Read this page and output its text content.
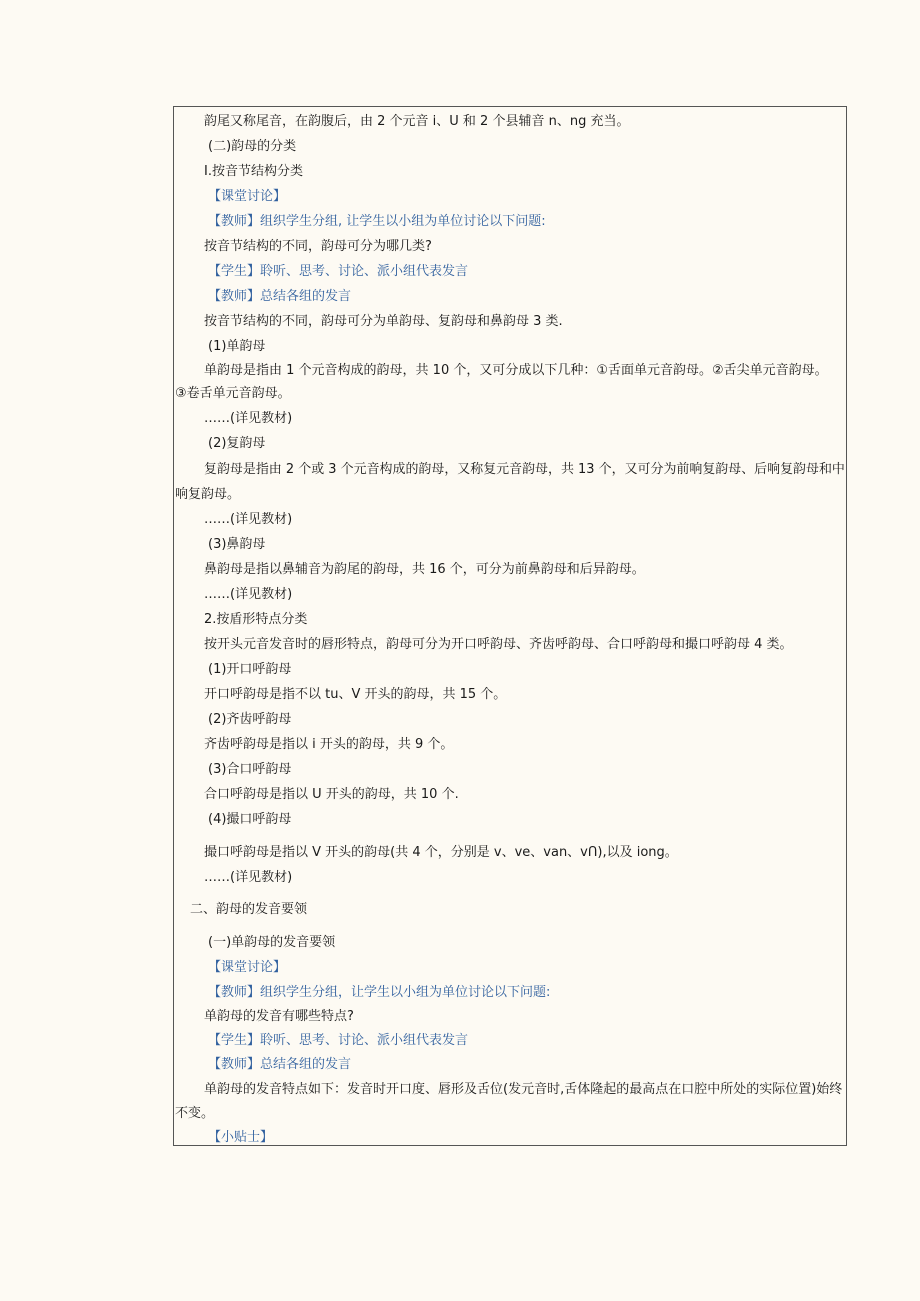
韵尾又称尾音，在韵腹后，由 2 个元音 i、U 和 2 个县辅音 n、ng 充当。
(二)韵母的分类
I.按音节结构分类
【课堂讨论】
【教师】组织学生分组, 让学生以小组为单位讨论以下问题:
按音节结构的不同，韵母可分为哪几类?
【学生】聆听、思考、讨论、派小组代表发言
【教师】总结各组的发言
按音节结构的不同，韵母可分为单韵母、复韵母和鼻韵母 3 类.
(1)单韵母
单韵母是指由 1 个元音构成的韵母，共 10 个，又可分成以下几种：①舌面单元音韵母。②舌尖单元音韵母。
③卷舌单元音韵母。
……(详见教材)
(2)复韵母
复韵母是指由 2 个或 3 个元音构成的韵母，又称复元音韵母，共 13 个，又可分为前响复韵母、后响复韵母和中
响复韵母。
……(详见教材)
(3)鼻韵母
鼻韵母是指以鼻辅音为韵尾的韵母，共 16 个，可分为前鼻韵母和后异韵母。
……(详见教材)
2.按盾形特点分类
按开头元音发音时的唇形特点，韵母可分为开口呼韵母、齐齿呼韵母、合口呼韵母和撮口呼韵母 4 类。
(1)开口呼韵母
开口呼韵母是指不以 tu、V 开头的韵母，共 15 个。
(2)齐齿呼韵母
齐齿呼韵母是指以 i 开头的韵母，共 9 个。
(3)合口呼韵母
合口呼韵母是指以 U 开头的韵母，共 10 个.
(4)撮口呼韵母
撮口呼韵母是指以 V 开头的韵母(共 4 个，分别是 v、ve、van、vՈ),以及 iong。
……(详见教材)
二、韵母的发音要领
(一)单韵母的发音要领
【课堂讨论】
【教师】组织学生分组，让学生以小组为单位讨论以下问题:
单韵母的发音有哪些特点?
【学生】聆听、思考、讨论、派小组代表发言
【教师】总结各组的发言
单韵母的发音特点如下：发音时开口度、唇形及舌位(发元音时,舌体隆起的最高点在口腔中所处的实际位置)始终
不变。
【小贴士】
